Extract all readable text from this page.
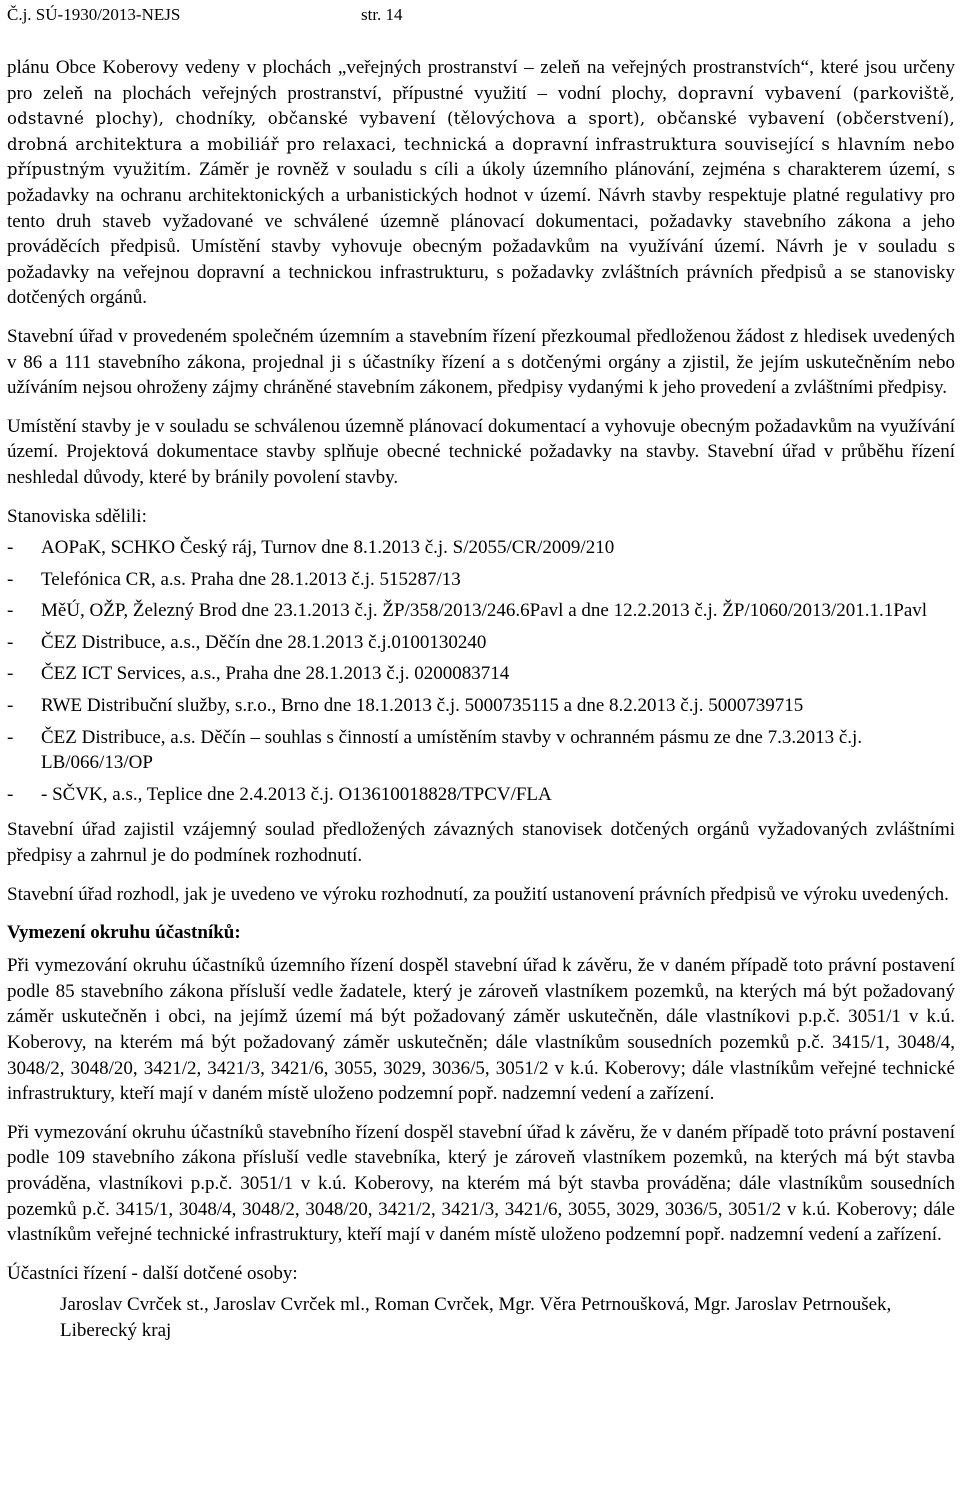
Č.j. SÚ-1930/2013-NEJS	str. 14

plánu Obce Koberovy vedeny v plochách „veřejných prostranství – zeleň na veřejných prostranstvích“, které jsou určeny pro zeleň na plochách veřejných prostranství, přípustné využití – vodní plochy, dopravní vybavení (parkoviště, odstavné plochy), chodníky, občanské vybavení (tělovýchova a sport), občanské vybavení (občerstvení), drobná architektura a mobiliář pro relaxaci, technická a dopravní infrastruktura související s hlavním nebo přípustným využitím. Záměr je rovněž v souladu s cíli a úkoly územního plánování, zejména s charakterem území, s požadavky na ochranu architektonických a urbanistických hodnot v území. Návrh stavby respektuje platné regulativy pro tento druh staveb vyžadované ve schválené územně plánovací dokumentaci, požadavky stavebního zákona a jeho prováděcích předpisů. Umístění stavby vyhovuje obecným požadavkům na využívání území. Návrh je v souladu s požadavky na veřejnou dopravní a technickou infrastrukturu, s požadavky zvláštních právních předpisů a se stanovisky dotčených orgánů.

Stavební úřad v provedeném společném územním a stavebním řízení přezkoumal předloženou žádost z hledisek uvedených v 86 a 111 stavebního zákona, projednal ji s účastníky řízení a s dotčenými orgány a zjistil, že jejím uskutečněním nebo užíváním nejsou ohroženy zájmy chráněné stavebním zákonem, předpisy vydanými k jeho provedení a zvláštními předpisy.

Umístění stavby je v souladu se schválenou územně plánovací dokumentací a vyhovuje obecným požadavkům na využívání území. Projektová dokumentace stavby splňuje obecné technické požadavky na stavby. Stavební úřad v průběhu řízení neshledal důvody, které by bránily povolení stavby.

Stanoviska sdělili:

- AOPaK, SCHKO Český ráj, Turnov dne 8.1.2013 č.j. S/2055/CR/2009/210
- Telefónica CR, a.s. Praha dne 28.1.2013 č.j. 515287/13
- MěÚ, OŽP, Železný Brod dne 23.1.2013 č.j. ŽP/358/2013/246.6Pavl a dne 12.2.2013 č.j. ŽP/1060/2013/201.1.1Pavl
- ČEZ Distribuce, a.s., Děčín dne 28.1.2013 č.j.0100130240
- ČEZ ICT Services, a.s., Praha dne 28.1.2013 č.j. 0200083714
- RWE Distribuční služby, s.r.o., Brno dne 18.1.2013 č.j. 5000735115 a dne 8.2.2013 č.j. 5000739715
- ČEZ Distribuce, a.s. Děčín – souhlas s činností a umístěním stavby v ochranném pásmu ze dne 7.3.2013 č.j. LB/066/13/OP
- - SČVK, a.s., Teplice dne 2.4.2013 č.j. O13610018828/TPCV/FLA

Stavební úřad zajistil vzájemný soulad předložených závazných stanovisek dotčených orgánů vyžadovaných zvláštními předpisy a zahrnul je do podmínek rozhodnutí.

Stavební úřad rozhodl, jak je uvedeno ve výroku rozhodnutí, za použití ustanovení právních předpisů ve výroku uvedených.

Vymezení okruhu účastníků:

Při vymezování okruhu účastníků územního řízení dospěl stavební úřad k závěru, že v daném případě toto právní postavení podle 85 stavebního zákona přísluší vedle žadatele, který je zároveň vlastníkem pozemků, na kterých má být požadovaný záměr uskutečněn i obci, na jejímž území má být požadovaný záměr uskutečněn, dále vlastníkovi p.p.č. 3051/1 v k.ú. Koberovy, na kterém má být požadovaný záměr uskutečněn; dále vlastníkům sousedních pozemků p.č. 3415/1, 3048/4, 3048/2, 3048/20, 3421/2, 3421/3, 3421/6, 3055, 3029, 3036/5, 3051/2 v k.ú. Koberovy; dále vlastníkům veřejné technické infrastruktury, kteří mají v daném místě uloženo podzemní popř. nadzemní vedení a zařízení.

Při vymezování okruhu účastníků stavebního řízení dospěl stavební úřad k závěru, že v daném případě toto právní postavení podle 109 stavebního zákona přísluší vedle stavebníka, který je zároveň vlastníkem pozemků, na kterých má být stavba prováděna, vlastníkovi p.p.č. 3051/1 v k.ú. Koberovy, na kterém má být stavba prováděna; dále vlastníkům sousedních pozemků p.č. 3415/1, 3048/4, 3048/2, 3048/20, 3421/2, 3421/3, 3421/6, 3055, 3029, 3036/5, 3051/2 v k.ú. Koberovy; dále vlastníkům veřejné technické infrastruktury, kteří mají v daném místě uloženo podzemní popř. nadzemní vedení a zařízení.

Účastníci řízení - další dotčené osoby:

Jaroslav Cvrček st., Jaroslav Cvrček ml., Roman Cvrček, Mgr. Věra Petrnoušková, Mgr. Jaroslav Petrnoušek, Liberecký kraj
